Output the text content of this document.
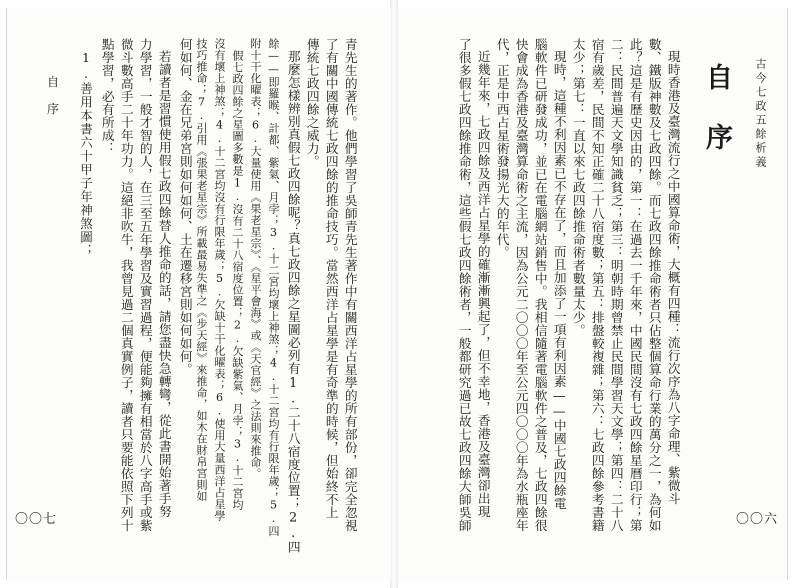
古今七政五餘析義
自
序
現時香港及臺灣流行之中國算命術，大概有四種：流行次序為八字命理、紫微斗
數、鐵版神數及七政四餘。而七政四餘推命術者只佔整個算命行業的萬分之一，為何如
此？這是有歷史因由的，第一：在過去一千年來，中國民間沒有七政四餘星曆印行；第
二：民間普遍天文學知識貧乏；第三：明朝時期曾禁止民間學習天文學；第四：二十八
宿有歲差，民間不知正確二十八宿度數；第五：排盤較複雜；第六：七政四餘參考書籍
太少；第七：一直以來七政四餘推命術者數量太少。
現時，這種不利因素已不存在了，而且加添了一項有利因素——中國七政四餘電
腦軟件已研發成功，並已在電腦網站銷售中。我相信隨著電腦軟件之普及，七政四餘很
快會成為香港及臺灣算命術之主流，因為公元二〇〇〇年至公元四〇〇〇年為水瓶座年
代，正是中西占星術發揚光大的年代。
近幾年來，七政四餘及西洋占星學的確漸漸興起了，但不幸地，香港及臺灣卻出現
了很多假七政四餘推命術，這些假七政四餘術者，一般都研究過已故七政四餘大師吳師	〇〇六
青先生的著作。他們學習了吳師青先生著作中有關西洋占星學的所有部份，卻完全忽視
了有關中國傳統七政四餘的推命技巧。當然西洋占星學是有奇準的時候，但始終不上
傳統七政四餘之威力。
那麼怎樣辨別真假七政四餘呢？真七政四餘之星圖必列有1.二十八宿度位置；2.四
餘——即羅睺、計都、紫氣、月孛；3.十二宮均壞上神煞；4.十二宮均有行限年歲；5.四
附十干化曜表；6.大量使用《果老星宗》、《星平會海》或《天官經》之法則來推命。
假七政四餘之星圖多數是1.沒有二十八宿度位置；2.欠缺紫氣、月孛；3.十二宮均
沒有壞上神煞；4.十二宮均沒有行限年歲；5.欠缺十干化曜表；6.使用大量西洋占星學
技巧推命；7.引用《張果老星宗》所載最易失準之《步天經》來推命，如木在財帛宮則如
何如何、金在兄弟宮則如何如何、土在遷移宮則如何如何。
若讀者是習慣使用假七政四餘替人推命的話，請您盡快急轉彎，從此書開始著手努
力學習，一般才智的人，在三至五年學習及實習過程，便能夠擁有相當於八字高手或紫
微斗數高手二十年功力。這絕非吹牛，我曾見過二個真實例子，讀者只要能依照下列十
點學習，必有所成：
1.善用本書六十甲子年神煞圖；
自
序
〇〇七
